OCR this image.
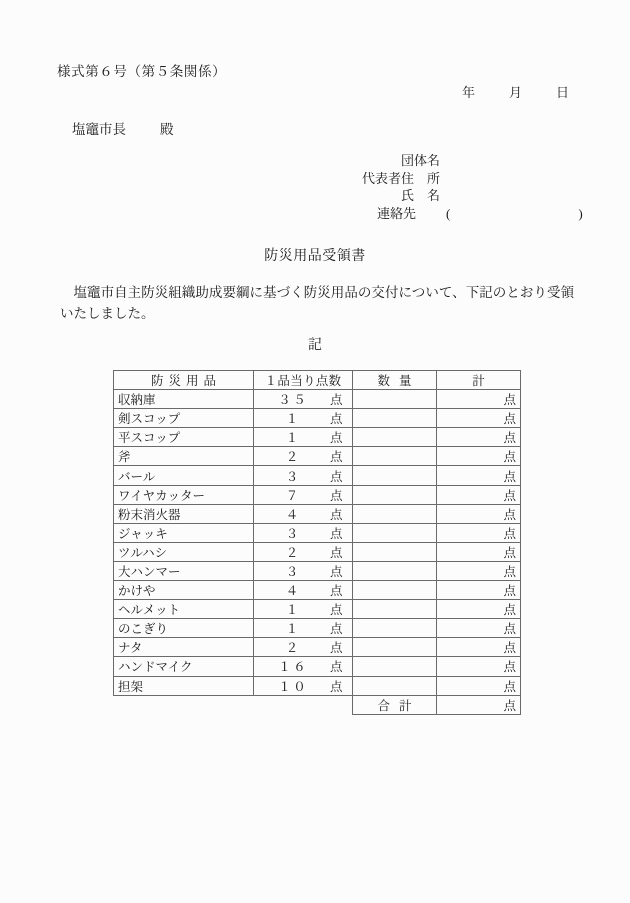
様式第６号（第５条関係）
年	月	日
塩竈市長	殿
団体名
代表者住　所
氏　名
連絡先 (  )
防災用品受領書
塩竈市自主防災組織助成要綱に基づく防災用品の交付について、下記のとおり受領いたしました。
記
防災用品	１品当り点数	数量	計
収納庫	３５ 点		点
剣スコップ	１ 点		点
平スコップ	１ 点		点
斧	２ 点		点
バール	３ 点		点
ワイヤカッター	７ 点		点
粉末消火器	４ 点		点
ジャッキ	３ 点		点
ツルハシ	２ 点		点
大ハンマー	３ 点		点
かけや	４ 点		点
ヘルメット	１ 点		点
のこぎり	１ 点		点
ナタ	２ 点		点
ハンドマイク	１６ 点		点
担架	１０ 点		点
		合計	点
